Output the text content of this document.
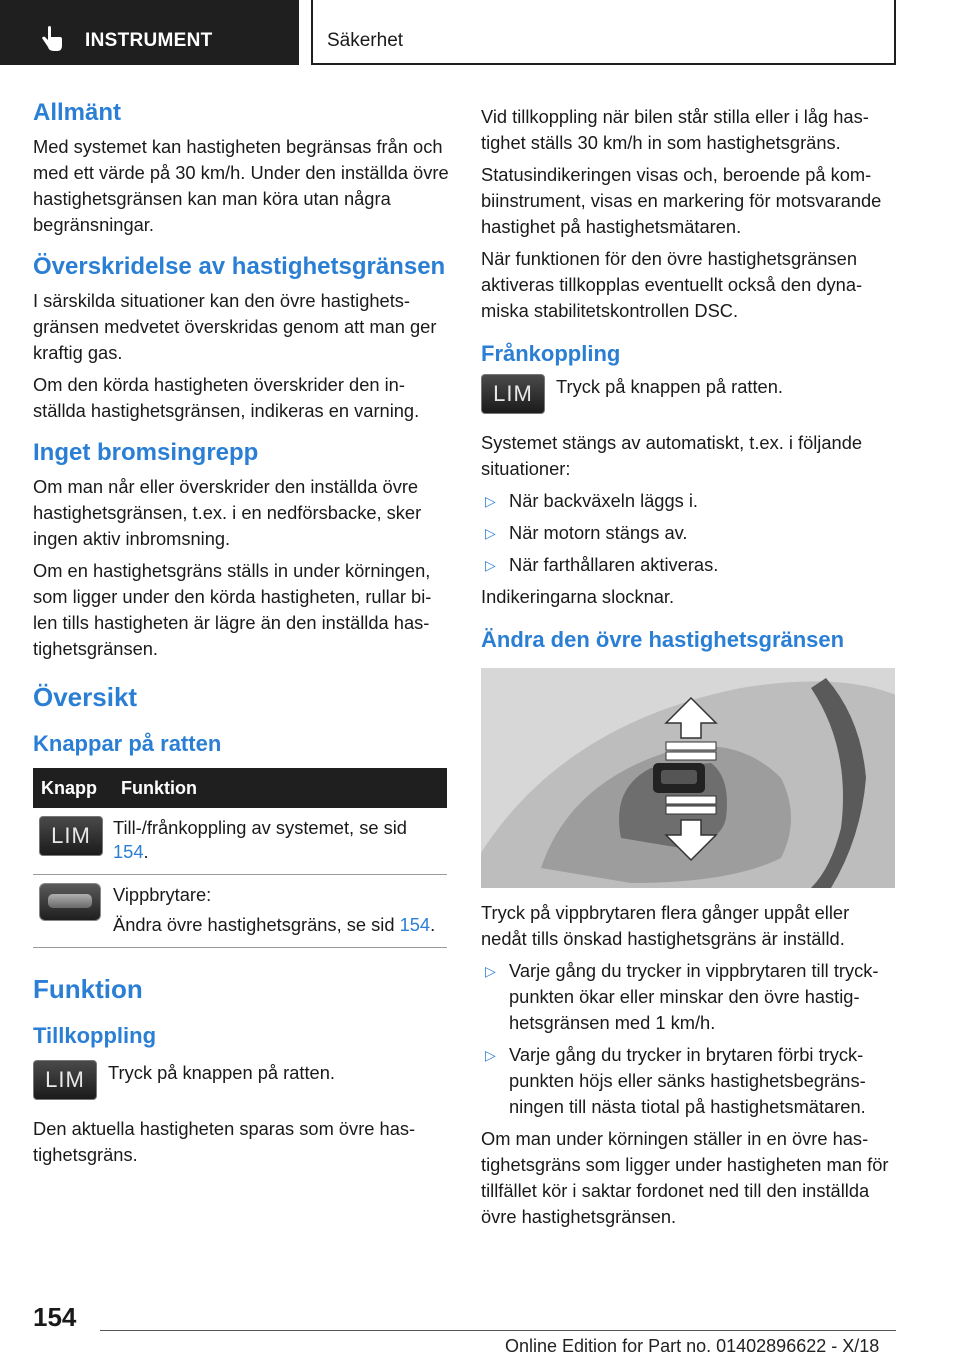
INSTRUMENT	Säkerhet
Allmänt
Med systemet kan hastigheten begränsas från och med ett värde på 30 km/h. Under den inställda övre hastighetsgränsen kan man köra utan några begränsningar.
Överskridelse av hastighetsgränsen
I särskilda situationer kan den övre hastighetsgränsen medvetet överskridas genom att man ger kraftig gas.
Om den körda hastigheten överskrider den inställda hastighetsgränsen, indikeras en varning.
Inget bromsingrepp
Om man når eller överskrider den inställda övre hastighetsgränsen, t.ex. i en nedförsbacke, sker ingen aktiv inbromsning.
Om en hastighetsgräns ställs in under körningen, som ligger under den körda hastigheten, rullar bilen tills hastigheten är lägre än den inställda hastighetsgränsen.
Översikt
Knappar på ratten
Knapp	Funktion
LIM	Till-/frånkoppling av systemet, se sid 154.

	Vippbrytare:
Ändra övre hastighetsgräns, se sid 154.
Funktion
Tillkoppling
LIM	Tryck på knappen på ratten.
Den aktuella hastigheten sparas som övre hastighetsgräns.
Vid tillkoppling när bilen står stilla eller i låg hastighet ställs 30 km/h in som hastighetsgräns.
Statusindikeringen visas och, beroende på kombiinstrument, visas en markering för motsvarande hastighet på hastighetsmätaren.
När funktionen för den övre hastighetsgränsen aktiveras tillkopplas eventuellt också den dynamiska stabilitetskontrollen DSC.
Frånkoppling
LIM	Tryck på knappen på ratten.
Systemet stängs av automatiskt, t.ex. i följande situationer:
▷ När backväxeln läggs i.
▷ När motorn stängs av.
▷ När farthållaren aktiveras.
Indikeringarna slocknar.
Ändra den övre hastighetsgränsen
Tryck på vippbrytaren flera gånger uppåt eller nedåt tills önskad hastighetsgräns är inställd.
▷ Varje gång du trycker in vippbrytaren till tryckpunkten ökar eller minskar den övre hastighetsgränsen med 1 km/h.
▷ Varje gång du trycker in brytaren förbi tryckpunkten höjs eller sänks hastighetsbegränsningen till nästa tiotal på hastighetsmätaren.
Om man under körningen ställer in en övre hastighetsgräns som ligger under hastigheten man för tillfället kör i saktar fordonet ned till den inställda övre hastighetsgränsen.
154
Online Edition for Part no. 01402896622 - X/18
